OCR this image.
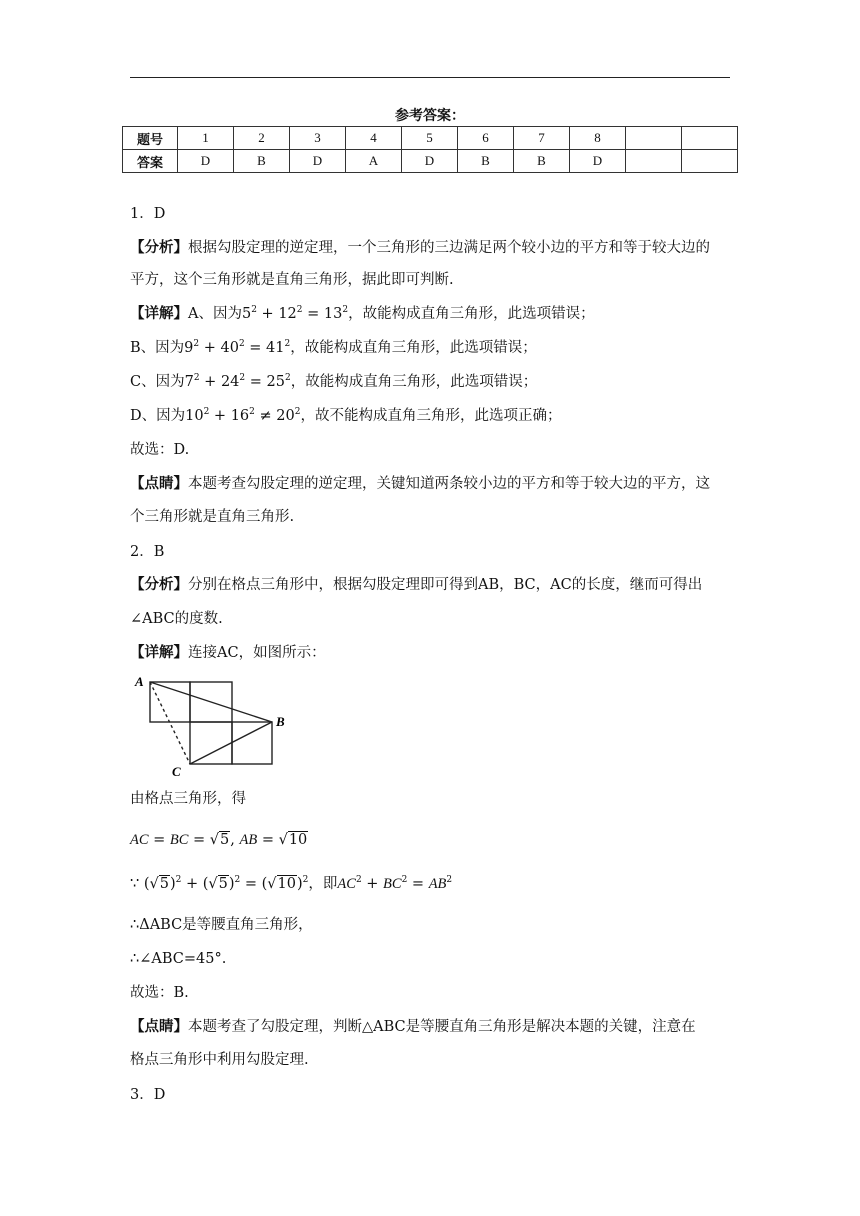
参考答案：
题号	1	2	3	4	5	6	7	8		
答案	D	B	D	A	D	B	B	D		
1．D
【分析】根据勾股定理的逆定理，一个三角形的三边满足两个较小边的平方和等于较大边的
平方，这个三角形就是直角三角形，据此即可判断.
【详解】A、因为$5^2 + 12^2 = 13^2$，故能构成直角三角形，此选项错误；
B、因为$9^2 + 40^2 = 41^2$，故能构成直角三角形，此选项错误；
C、因为$7^2 + 24^2 = 25^2$，故能构成直角三角形，此选项错误；
D、因为$10^2 + 16^2 \ne 20^2$，故不能构成直角三角形，此选项正确；
故选：D.
【点睛】本题考查勾股定理的逆定理，关键知道两条较小边的平方和等于较大边的平方，这
个三角形就是直角三角形.
2．B
【分析】分别在格点三角形中，根据勾股定理即可得到AB，BC，AC的长度，继而可得出
∠ABC的度数.
【详解】连接AC，如图所示：
A
B
C
由格点三角形，得
AC = BC = √5, AB = √10
∵ $(√5)^2 + (√5)^2 = (√10)^2$，即$AC^2 + BC^2 = AB^2$
∴ΔABC是等腰直角三角形，
∴∠ABC=45°.
故选：B.
【点睛】本题考查了勾股定理，判断△ABC是等腰直角三角形是解决本题的关键，注意在
格点三角形中利用勾股定理.
3．D
